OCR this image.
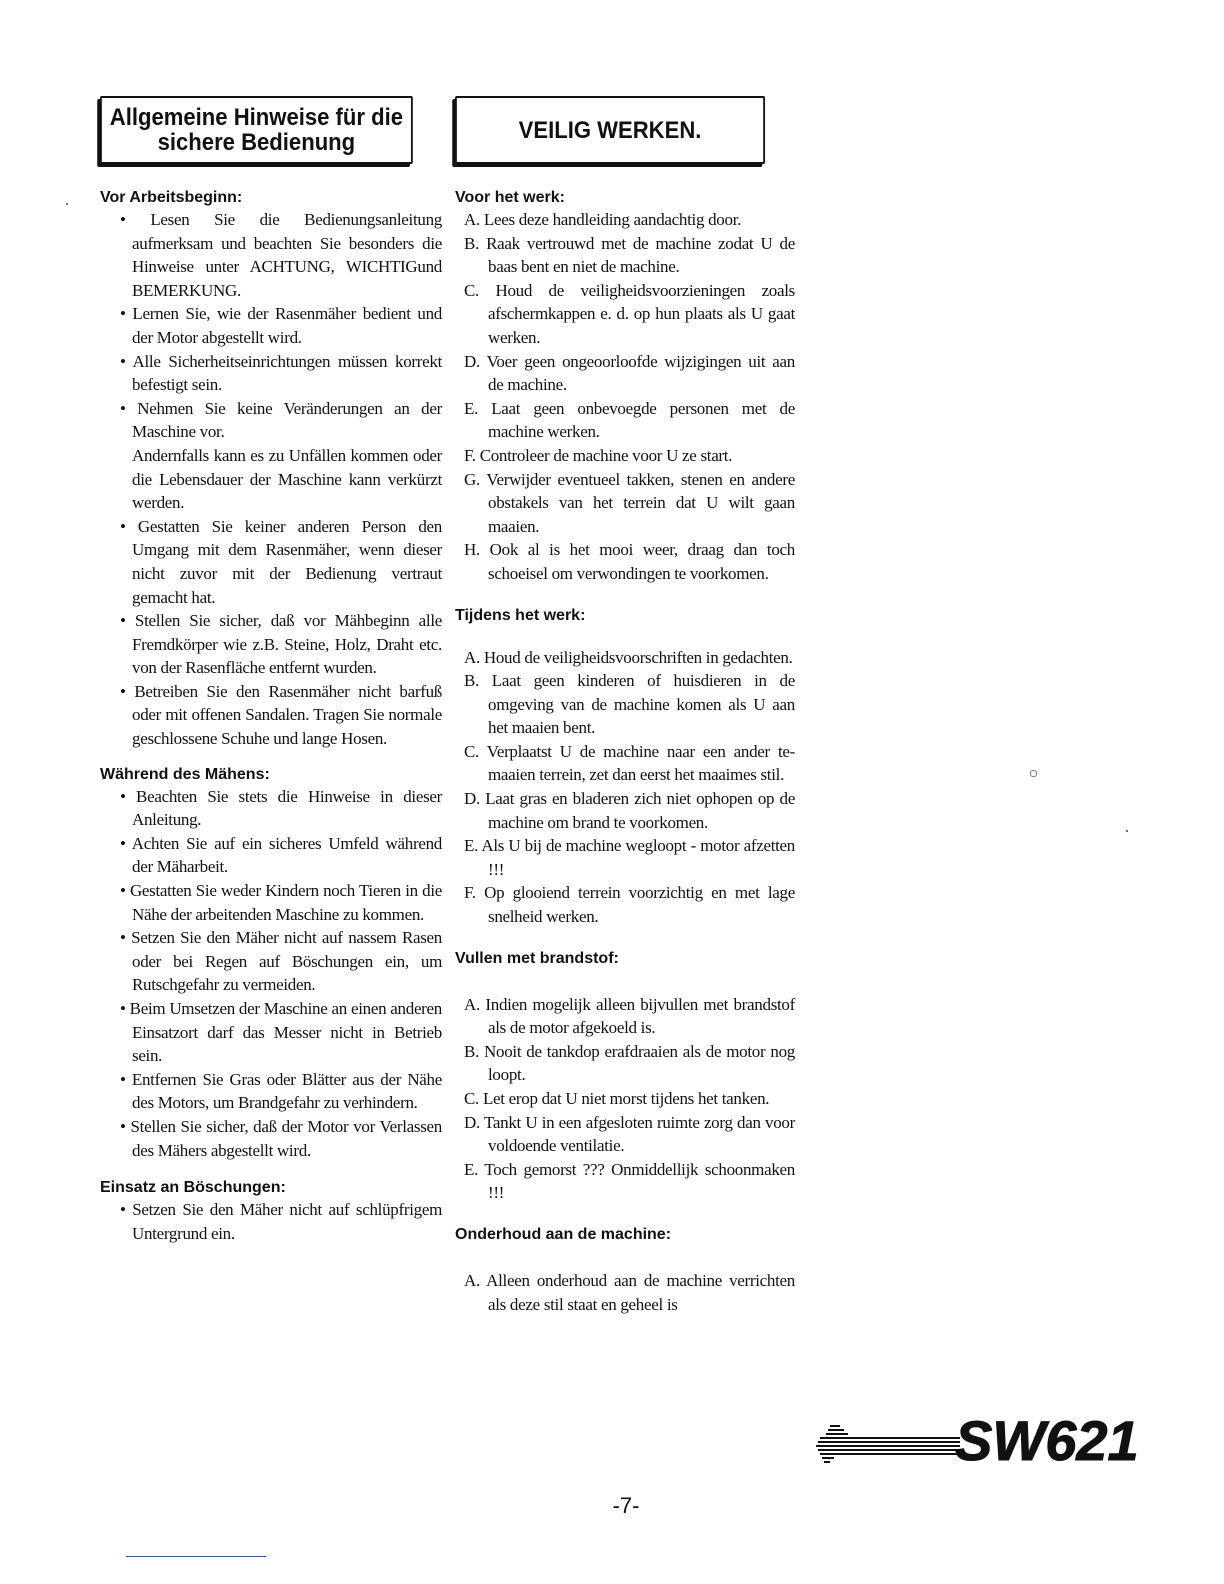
Allgemeine Hinweise für die
sichere Bedienung
Vor Arbeitsbeginn:
• Lesen Sie die Bedienungsanleitung aufmerksam und beachten Sie besonders die Hinweise unter ACHTUNG, WICHTIGund BEMERKUNG.
• Lernen Sie, wie der Rasenmäher bedient und der Motor abgestellt wird.
• Alle Sicherheitseinrichtungen müssen korrekt befestigt sein.
• Nehmen Sie keine Veränderungen an der Maschine vor.
Andernfalls kann es zu Unfällen kommen oder die Lebensdauer der Maschine kann verkürzt werden.
• Gestatten Sie keiner anderen Person den Umgang mit dem Rasenmäher, wenn dieser nicht zuvor mit der Bedienung vertraut gemacht hat.
• Stellen Sie sicher, daß vor Mähbeginn alle Fremdkörper wie z.B. Steine, Holz, Draht etc. von der Rasenfläche entfernt wurden.
• Betreiben Sie den Rasenmäher nicht barfuß oder mit offenen Sandalen. Tragen Sie normale geschlossene Schuhe und lange Hosen.
Während des Mähens:
• Beachten Sie stets die Hinweise in dieser Anleitung.
• Achten Sie auf ein sicheres Umfeld während der Mäharbeit.
• Gestatten Sie weder Kindern noch Tieren in die Nähe der arbeitenden Maschine zu kommen.
• Setzen Sie den Mäher nicht auf nassem Rasen oder bei Regen auf Böschungen ein, um Rutschgefahr zu vermeiden.
• Beim Umsetzen der Maschine an einen anderen Einsatzort darf das Messer nicht in Betrieb sein.
• Entfernen Sie Gras oder Blätter aus der Nähe des Motors, um Brandgefahr zu verhindern.
• Stellen Sie sicher, daß der Motor vor Verlassen des Mähers abgestellt wird.
Einsatz an Böschungen:
• Setzen Sie den Mäher nicht auf schlüpfrigem Untergrund ein.
VEILIG WERKEN.
Voor het werk:
A. Lees deze handleiding aandachtig door.
B. Raak vertrouwd met de machine zodat U de baas bent en niet de machine.
C. Houd de veiligheidsvoorzieningen zoals afschermkappen e. d. op hun plaats als U gaat werken.
D. Voer geen ongeoorloofde wijzigingen uit aan de machine.
E. Laat geen onbevoegde personen met de machine werken.
F. Controleer de machine voor U ze start.
G. Verwijder eventueel takken, stenen en andere obstakels van het terrein dat U wilt gaan maaien.
H. Ook al is het mooi weer, draag dan toch schoeisel om verwondingen te voorkomen.
Tijdens het werk:
A. Houd de veiligheidsvoorschriften in gedachten.
B. Laat geen kinderen of huisdieren in de omgeving van de machine komen als U aan het maaien bent.
C. Verplaatst U de machine naar een ander te- maaien terrein, zet dan eerst het maaimes stil.
D. Laat gras en bladeren zich niet ophopen op de machine om brand te voorkomen.
E. Als U bij de machine wegloopt - motor afzetten !!!
F. Op glooiend terrein voorzichtig en met lage snelheid werken.
Vullen met brandstof:
A. Indien mogelijk alleen bijvullen met brandstof als de motor afgekoeld is.
B. Nooit de tankdop erafdraaien als de motor nog loopt.
C. Let erop dat U niet morst tijdens het tanken.
D. Tankt U in een afgesloten ruimte zorg dan voor voldoende ventilatie.
E. Toch gemorst ??? Onmiddellijk schoonmaken !!!
Onderhoud aan de machine:
A. Alleen onderhoud aan de machine verrichten als deze stil staat en geheel is
-7-
SW621
